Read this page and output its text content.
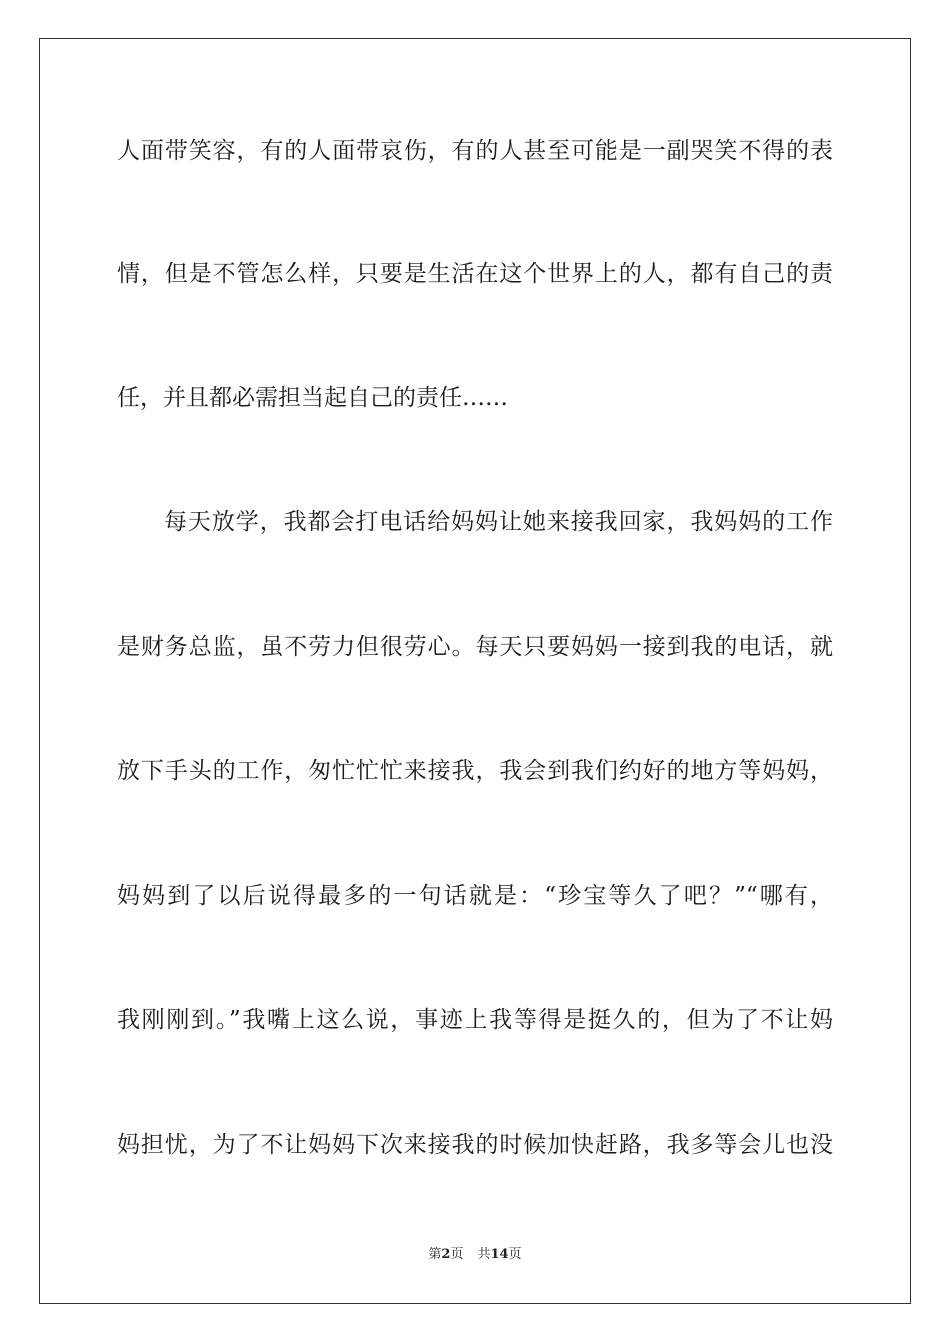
人面带笑容，有的人面带哀伤，有的人甚至可能是一副哭笑不得的表
情，但是不管怎么样，只要是生活在这个世界上的人，都有自己的责
任，并且都必需担当起自己的责任……
每天放学，我都会打电话给妈妈让她来接我回家，我妈妈的工作
是财务总监，虽不劳力但很劳心。每天只要妈妈一接到我的电话，就
放下手头的工作，匆忙忙忙来接我，我会到我们约好的地方等妈妈，
妈妈到了以后说得最多的一句话就是：“珍宝等久了吧？”“哪有，
我刚刚到。”我嘴上这么说，事迹上我等得是挺久的，但为了不让妈
妈担忧，为了不让妈妈下次来接我的时候加快赶路，我多等会儿也没
第2页 共14页
